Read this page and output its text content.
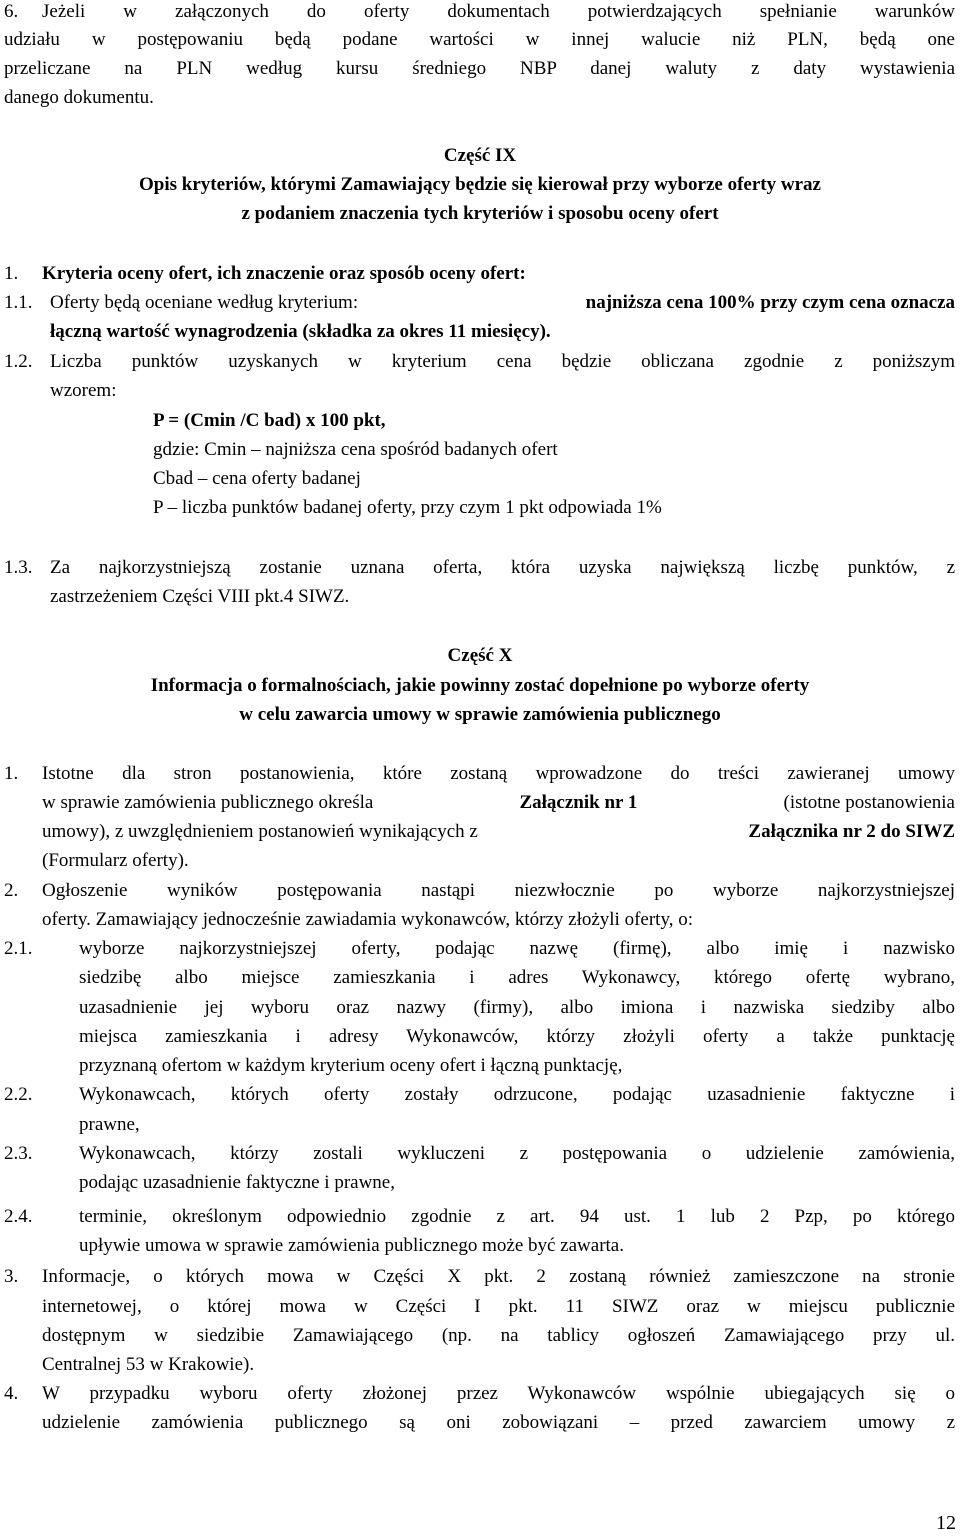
6. Jeżeli w załączonych do oferty dokumentach potwierdzających spełnianie warunków
udziału w postępowaniu będą podane wartości w innej walucie niż PLN, będą one
przeliczane na PLN według kursu średniego NBP danej waluty z daty wystawienia
danego dokumentu.
Część IX
Opis kryteriów, którymi Zamawiający będzie się kierował przy wyborze oferty wraz
z podaniem znaczenia tych kryteriów i sposobu oceny ofert
1. Kryteria oceny ofert, ich znaczenie oraz sposób oceny ofert:
1.1. Oferty będą oceniane według kryterium:	najniższa cena 100% przy czym cena oznacza
łączną wartość wynagrodzenia (składka za okres 11 miesięcy).
1.2. Liczba punktów uzyskanych w kryterium cena będzie obliczana zgodnie z poniższym
wzorem:
P = (Cmin /C bad) x 100 pkt,
gdzie: Cmin – najniższa cena spośród badanych ofert
Cbad – cena oferty badanej
P – liczba punktów badanej oferty, przy czym 1 pkt odpowiada 1%
1.3. Za najkorzystniejszą zostanie uznana oferta, która uzyska największą liczbę punktów, z
zastrzeżeniem Części VIII pkt.4 SIWZ.
Część X
Informacja o formalnościach, jakie powinny zostać dopełnione po wyborze oferty
w celu zawarcia umowy w sprawie zamówienia publicznego
1. Istotne dla stron postanowienia, które zostaną wprowadzone do treści zawieranej umowy
w sprawie zamówienia publicznego określa	Załącznik nr 1	(istotne postanowienia
umowy), z uwzględnieniem postanowień wynikających z	Załącznika nr 2 do SIWZ
(Formularz oferty).
2. Ogłoszenie wyników postępowania nastąpi niezwłocznie po wyborze najkorzystniejszej
oferty. Zamawiający jednocześnie zawiadamia wykonawców, którzy złożyli oferty, o:
2.1. wyborze najkorzystniejszej oferty, podając nazwę (firmę), albo imię i nazwisko
siedzibę albo miejsce zamieszkania i adres Wykonawcy, którego ofertę wybrano,
uzasadnienie jej wyboru oraz nazwy (firmy), albo imiona i nazwiska siedziby albo
miejsca zamieszkania i adresy Wykonawców, którzy złożyli oferty a także punktację
przyznaną ofertom w każdym kryterium oceny ofert i łączną punktację,
2.2. Wykonawcach, których oferty zostały odrzucone, podając uzasadnienie faktyczne i
prawne,
2.3. Wykonawcach, którzy zostali wykluczeni z postępowania o udzielenie zamówienia,
podając uzasadnienie faktyczne i prawne,
2.4. terminie, określonym odpowiednio zgodnie z art. 94 ust. 1 lub 2 Pzp, po którego
upływie umowa w sprawie zamówienia publicznego może być zawarta.
3. Informacje, o których mowa w Części X pkt. 2 zostaną również zamieszczone na stronie
internetowej, o której mowa w Części I pkt. 11 SIWZ oraz w miejscu publicznie
dostępnym w siedzibie Zamawiającego (np. na tablicy ogłoszeń Zamawiającego przy ul.
Centralnej 53 w Krakowie).
4. W przypadku wyboru oferty złożonej przez Wykonawców wspólnie ubiegających się o
udzielenie zamówienia publicznego są oni zobowiązani – przed zawarciem umowy z
12
